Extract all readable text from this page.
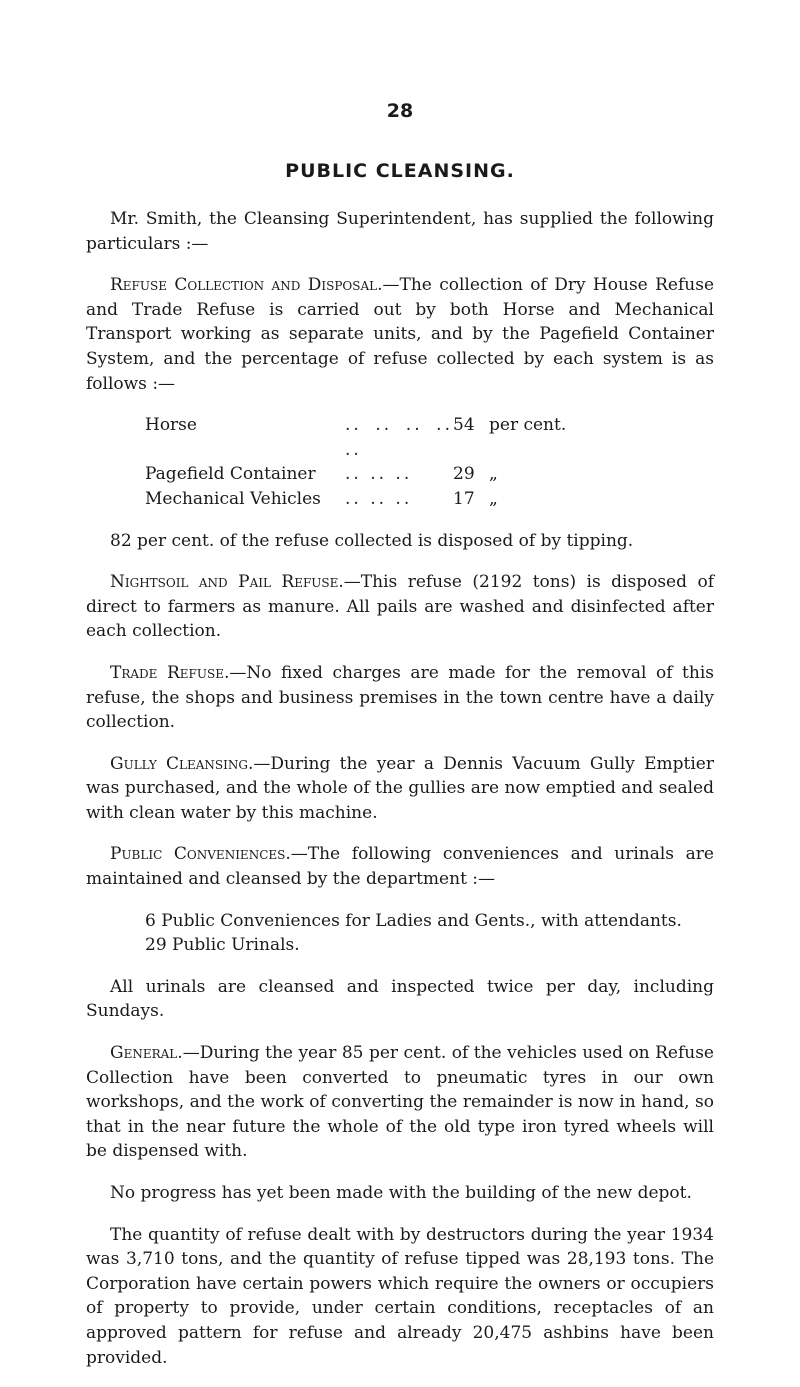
28
PUBLIC CLEANSING.

Mr. Smith, the Cleansing Superintendent, has supplied the following particulars :—

Refuse Collection and Disposal.—The collection of Dry House Refuse and Trade Refuse is carried out by both Horse and Mechanical Transport working as separate units, and by the Pagefield Container System, and the percentage of refuse collected by each system is as follows :—

Horse	.. .. .. .. ..	54	per cent.
Pagefield Container	.. .. ..	29	„
Mechanical Vehicles	.. .. ..	17	„

82 per cent. of the refuse collected is disposed of by tipping.

Nightsoil and Pail Refuse.—This refuse (2192 tons) is disposed of direct to farmers as manure. All pails are washed and disinfected after each collection.

Trade Refuse.—No fixed charges are made for the removal of this refuse, the shops and business premises in the town centre have a daily collection.

Gully Cleansing.—During the year a Dennis Vacuum Gully Emptier was purchased, and the whole of the gullies are now emptied and sealed with clean water by this machine.

Public Conveniences.—The following conveniences and urinals are maintained and cleansed by the department :—

6 Public Conveniences for Ladies and Gents., with attendants.
29 Public Urinals.

All urinals are cleansed and inspected twice per day, including Sundays.

General.—During the year 85 per cent. of the vehicles used on Refuse Collection have been converted to pneumatic tyres in our own workshops, and the work of converting the remainder is now in hand, so that in the near future the whole of the old type iron tyred wheels will be dispensed with.

No progress has yet been made with the building of the new depot.

The quantity of refuse dealt with by destructors during the year 1934 was 3,710 tons, and the quantity of refuse tipped was 28,193 tons. The Corporation have certain powers which require the owners or occupiers of property to provide, under certain conditions, receptacles of an approved pattern for refuse and already 20,475 ashbins have been provided.
